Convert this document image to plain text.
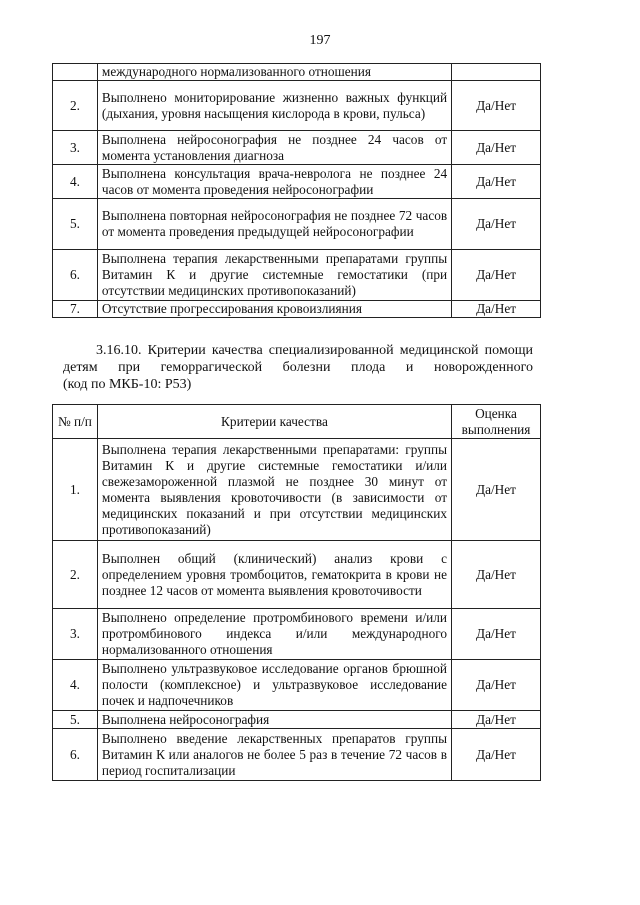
197
	международного нормализованного отношения	
2.	Выполнено мониторирование жизненно важных функций (дыхания, уровня насыщения кислорода в крови, пульса)	Да/Нет
3.	Выполнена нейросонография не позднее 24 часов от момента установления диагноза	Да/Нет
4.	Выполнена консультация врача-невролога не позднее 24 часов от момента проведения нейросонографии	Да/Нет
5.	Выполнена повторная нейросонография не позднее 72 часов от момента проведения предыдущей нейросонографии	Да/Нет
6.	Выполнена терапия лекарственными препаратами группы Витамин К и другие системные гемостатики (при отсутствии медицинских противопоказаний)	Да/Нет
7.	Отсутствие прогрессирования кровоизлияния	Да/Нет
3.16.10. Критерии качества специализированной медицинской помощи
детям при геморрагической болезни плода и новорожденного
(код по МКБ-10: P53)
№ п/п	Критерии качества	Оценка выполнения
1.	Выполнена терапия лекарственными препаратами: группы Витамин К и другие системные гемостатики и/или свежезамороженной плазмой не позднее 30 минут от момента выявления кровоточивости (в зависимости от медицинских показаний и при отсутствии медицинских противопоказаний)	Да/Нет
2.	Выполнен общий (клинический) анализ крови с определением уровня тромбоцитов, гематокрита в крови не позднее 12 часов от момента выявления кровоточивости	Да/Нет
3.	Выполнено определение протромбинового времени и/или протромбинового индекса и/или международного нормализованного отношения	Да/Нет
4.	Выполнено ультразвуковое исследование органов брюшной полости (комплексное) и ультразвуковое исследование почек и надпочечников	Да/Нет
5.	Выполнена нейросонография	Да/Нет
6.	Выполнено введение лекарственных препаратов группы Витамин К или аналогов не более 5 раз в течение 72 часов в период госпитализации	Да/Нет
